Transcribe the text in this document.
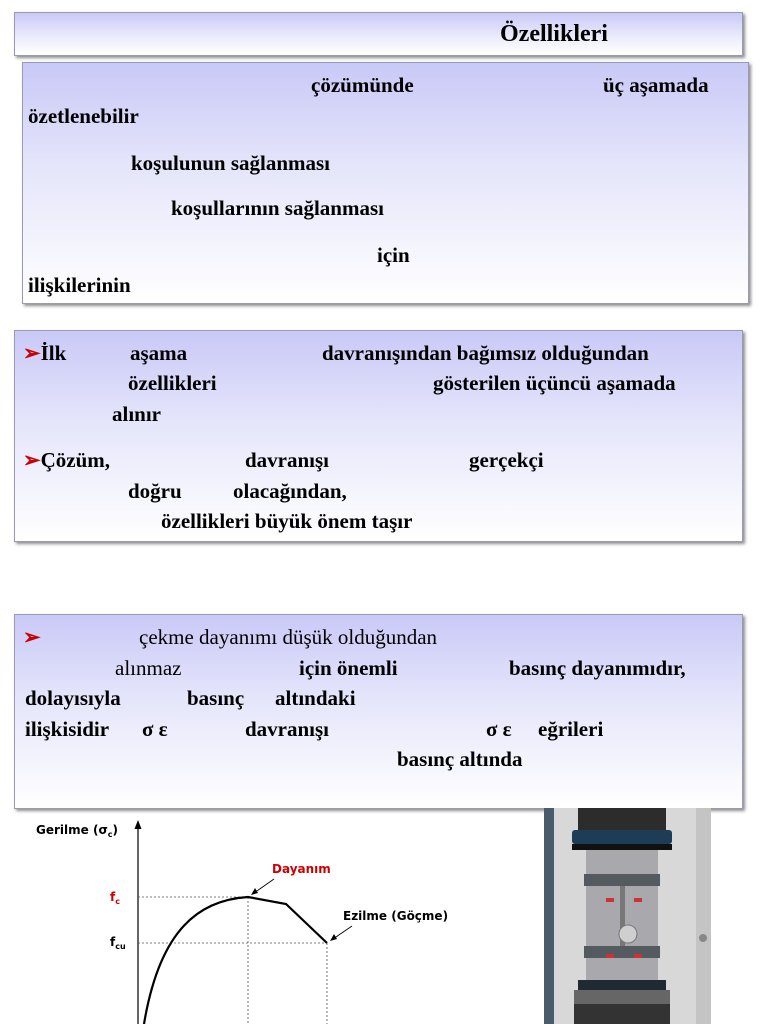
Özellikleri
çözümünde	üç aşamada
özetlenebilir
koşulunun sağlanması
koşullarının sağlanması
için
ilişkilerinin
➢İlk	aşama	davranışından bağımsız olduğundan
özellikleri	gösterilen üçüncü aşamada
alınır
➢Çözüm,	davranışı	gerçekçi
doğru olacağından,
özellikleri büyük önem taşır
➢	çekme dayanımı düşük olduğundan
alınmaz	için önemli	basınç dayanımıdır,
dolayısıyla	basınç altındaki
ilişkisidir σ ε	davranışı	σ ε eğrileri
basınç altında
Gerilme $(\sigma_c)$
$f_c$
$f_{cu}$
Dayanım
Ezilme (Göçme)
